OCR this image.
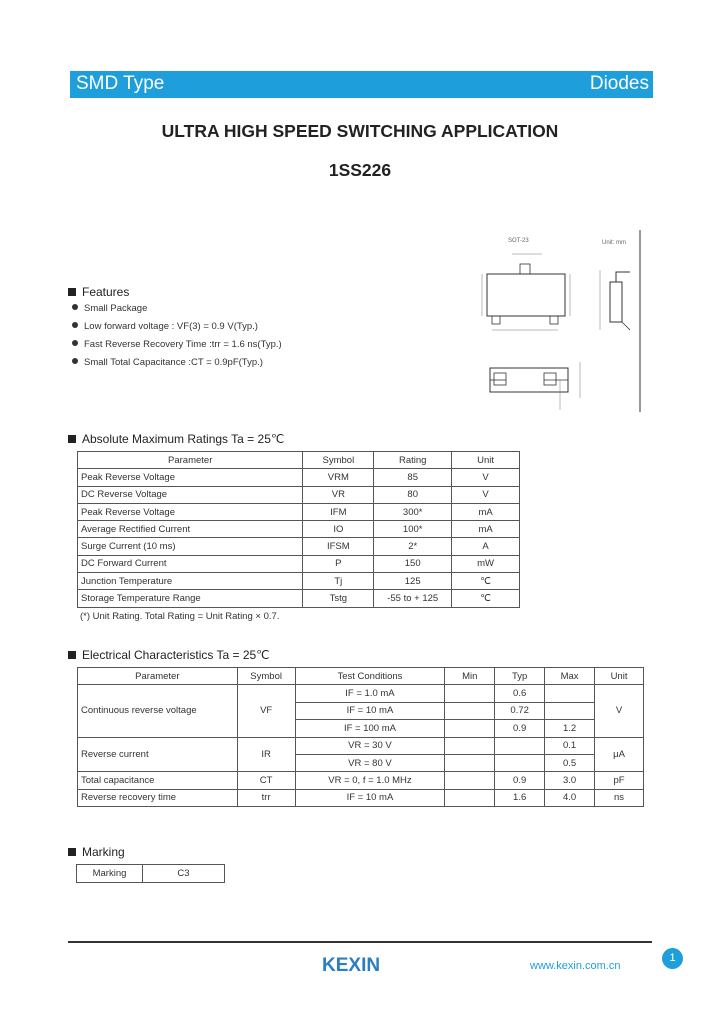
SMD Type	Diodes
ULTRA HIGH SPEED SWITCHING APPLICATION
1SS226
SOT-23	Unit: mm
Features
Small Package
Low forward voltage : VF(3) = 0.9 V(Typ.)
Fast Reverse Recovery Time :trr = 1.6 ns(Typ.)
Small Total Capacitance :CT = 0.9pF(Typ.)
Absolute Maximum Ratings Ta = 25℃
Parameter	Symbol	Rating	Unit
Peak Reverse Voltage	VRM	85	V
DC Reverse Voltage	VR	80	V
Peak Reverse Voltage	IFM	300*	mA
Average Rectified Current	IO	100*	mA
Surge Current (10 ms)	IFSM	2*	A
DC Forward Current	P	150	mW
Junction Temperature	Tj	125	℃
Storage Temperature Range	Tstg	-55 to + 125	℃
(*) Unit Rating. Total Rating = Unit Rating × 0.7.
Electrical Characteristics Ta = 25℃
Parameter	Symbol	Test Conditions	Min	Typ	Max	Unit
Continuous reverse voltage	VF	IF = 1.0 mA		0.6		V
		IF = 10 mA		0.72		
		IF = 100 mA		0.9	1.2	
Reverse current	IR	VR = 30 V			0.1	μA
		VR = 80 V			0.5	
Total capacitance	CT	VR = 0, f = 1.0 MHz		0.9	3.0	pF
Reverse recovery time	trr	IF = 10 mA		1.6	4.0	ns
Marking
Marking	C3
KEXIN	www.kexin.com.cn
1
